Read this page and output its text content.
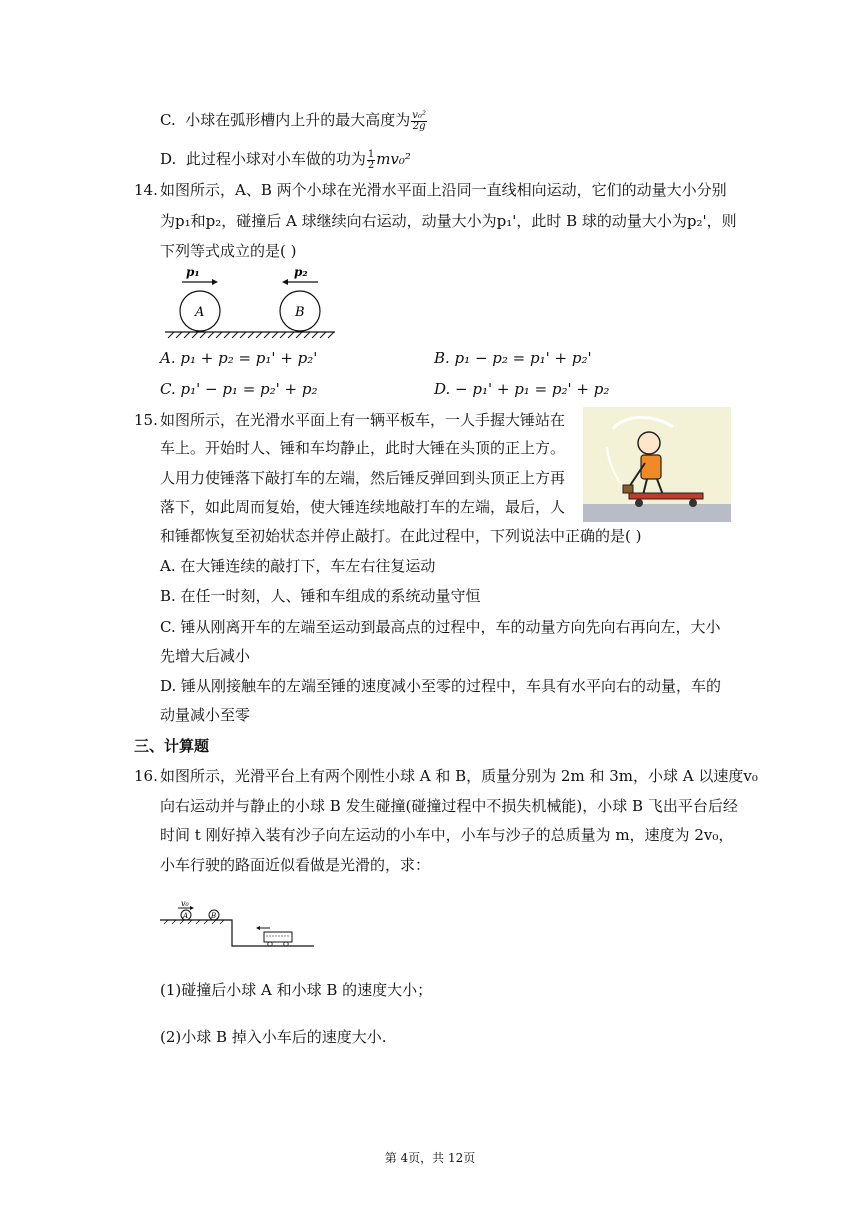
C. 小球在弧形槽内上升的最大高度为 $\frac{\text{v₀²}}{2g}$
D. 此过程小球对小车做的功为 $\frac{1}{2} mv_0^2$
14. 如图所示，A、B 两个小球在光滑水平面上沿同一直线相向运动，它们的动量大小分别
为p₁和p₂，碰撞后 A 球继续向右运动，动量大小为p₁'，此时 B 球的动量大小为p₂'，则
下列等式成立的是( )
p₁	p₂
A	B
A. p₁ + p₂ = p₁' + p₂'	B. p₁ − p₂ = p₁' + p₂'
C. p₁' − p₁ = p₂' + p₂	D. − p₁' + p₁ = p₂' + p₂
15. 如图所示，在光滑水平面上有一辆平板车，一人手握大锤站在
车上。开始时人、锤和车均静止，此时大锤在头顶的正上方。
人用力使锤落下敲打车的左端，然后锤反弹回到头顶正上方再
落下，如此周而复始，使大锤连续地敲打车的左端，最后，人
和锤都恢复至初始状态并停止敲打。在此过程中，下列说法中正确的是( )
A. 在大锤连续的敲打下，车左右往复运动
B. 在任一时刻，人、锤和车组成的系统动量守恒
C. 锤从刚离开车的左端至运动到最高点的过程中，车的动量方向先向右再向左，大小
先增大后减小
D. 锤从刚接触车的左端至锤的速度减小至零的过程中，车具有水平向右的动量，车的
动量减小至零
三、计算题
16. 如图所示，光滑平台上有两个刚性小球 A 和 B，质量分别为 2m 和 3m，小球 A 以速度v₀
向右运动并与静止的小球 B 发生碰撞(碰撞过程中不损失机械能)，小球 B 飞出平台后经
时间 t 刚好掉入装有沙子向左运动的小车中，小车与沙子的总质量为 m，速度为 2v₀，
小车行驶的路面近似看做是光滑的，求：
v₀
A	B
(1)碰撞后小球 A 和小球 B 的速度大小；
(2)小球 B 掉入小车后的速度大小.
第 4页，共 12页
